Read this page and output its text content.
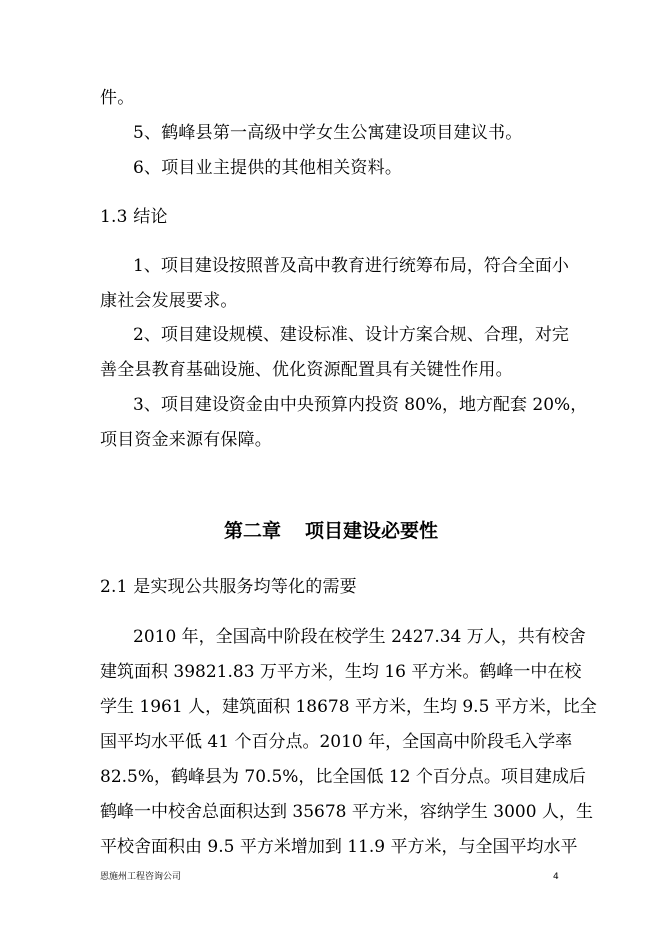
件。
5、鹤峰县第一高级中学女生公寓建设项目建议书。
6、项目业主提供的其他相关资料。
1.3 结论
1、项目建设按照普及高中教育进行统筹布局，符合全面小
康社会发展要求。
2、项目建设规模、建设标准、设计方案合规、合理，对完
善全县教育基础设施、优化资源配置具有关键性作用。
3、项目建设资金由中央预算内投资 80%，地方配套 20%，
项目资金来源有保障。
第二章 项目建设必要性
2.1 是实现公共服务均等化的需要
2010 年，全国高中阶段在校学生 2427.34 万人，共有校舍
建筑面积 39821.83 万平方米，生均 16 平方米。鹤峰一中在校
学生 1961 人，建筑面积 18678 平方米，生均 9.5 平方米，比全
国平均水平低 41 个百分点。2010 年，全国高中阶段毛入学率
82.5%，鹤峰县为 70.5%，比全国低 12 个百分点。项目建成后
鹤峰一中校舍总面积达到 35678 平方米，容纳学生 3000 人，生
平校舍面积由 9.5 平方米增加到 11.9 平方米，与全国平均水平
恩施州工程咨询公司	4
